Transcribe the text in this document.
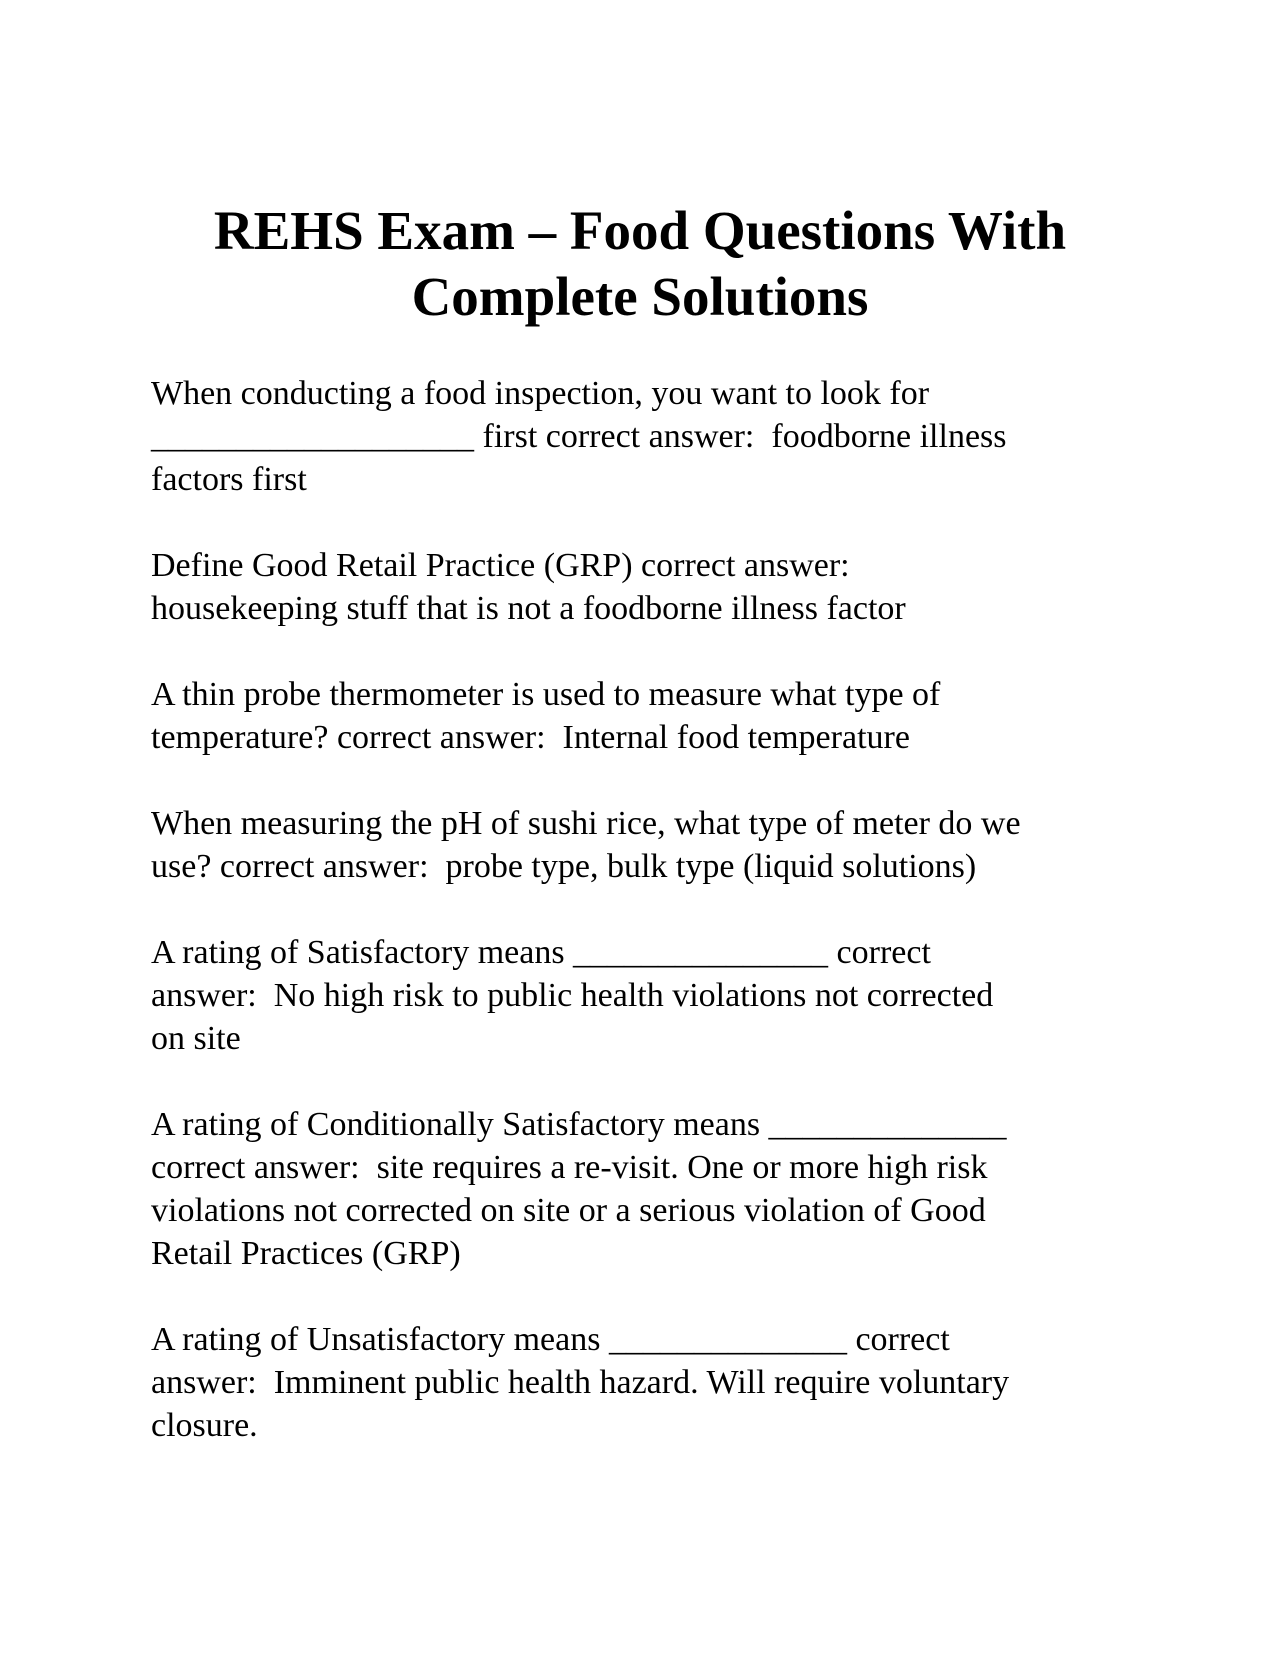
REHS Exam – Food Questions With
Complete Solutions

When conducting a food inspection, you want to look for
___________________ first correct answer:  foodborne illness
factors first

Define Good Retail Practice (GRP) correct answer:
housekeeping stuff that is not a foodborne illness factor

A thin probe thermometer is used to measure what type of
temperature? correct answer:  Internal food temperature

When measuring the pH of sushi rice, what type of meter do we
use? correct answer:  probe type, bulk type (liquid solutions)

A rating of Satisfactory means _______________ correct
answer:  No high risk to public health violations not corrected
on site

A rating of Conditionally Satisfactory means ______________
correct answer:  site requires a re-visit. One or more high risk
violations not corrected on site or a serious violation of Good
Retail Practices (GRP)

A rating of Unsatisfactory means ______________ correct
answer:  Imminent public health hazard. Will require voluntary
closure.
